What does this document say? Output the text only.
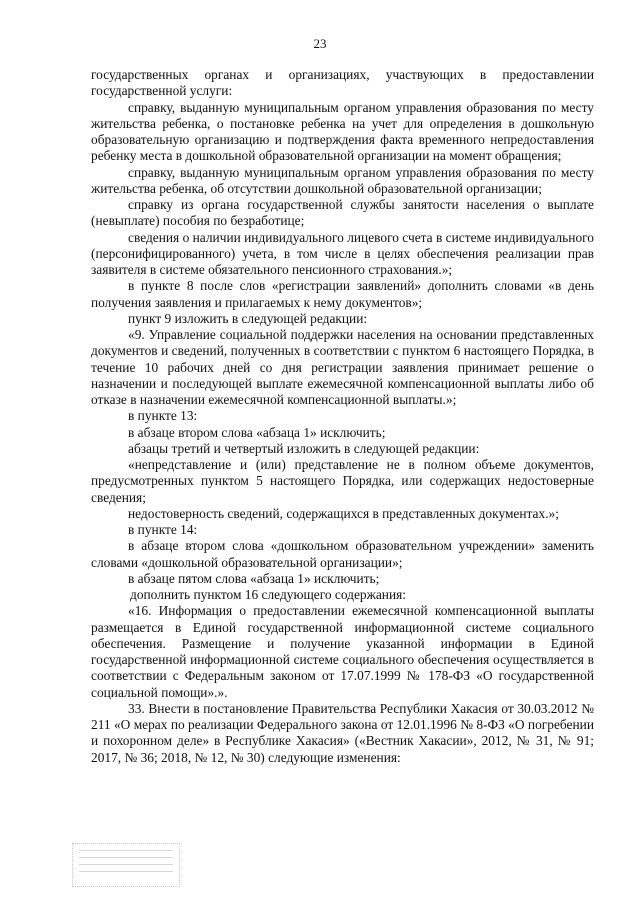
23

государственных органах и организациях, участвующих в предоставлении государственной услуги:

справку, выданную муниципальным органом управления образования по месту жительства ребенка, о постановке ребенка на учет для определения в дошкольную образовательную организацию и подтверждения факта временного непредоставления ребенку места в дошкольной образовательной организации на момент обращения;

справку, выданную муниципальным органом управления образования по месту жительства ребенка, об отсутствии дошкольной образовательной организации;

справку из органа государственной службы занятости населения о выплате (невыплате) пособия по безработице;

сведения о наличии индивидуального лицевого счета в системе индивидуального (персонифицированного) учета, в том числе в целях обеспечения реализации прав заявителя в системе обязательного пенсионного страхования.»;

в пункте 8 после слов «регистрации заявлений» дополнить словами «в день получения заявления и прилагаемых к нему документов»;

пункт 9 изложить в следующей редакции:

«9. Управление социальной поддержки населения на основании представленных документов и сведений, полученных в соответствии с пунктом 6 настоящего Порядка, в течение 10 рабочих дней со дня регистрации заявления принимает решение о назначении и последующей выплате ежемесячной компенсационной выплаты либо об отказе в назначении ежемесячной компенсационной выплаты.»;

в пункте 13:

в абзаце втором слова «абзаца 1» исключить;

абзацы третий и четвертый изложить в следующей редакции:

«непредставление и (или) представление не в полном объеме документов, предусмотренных пунктом 5 настоящего Порядка, или содержащих недостоверные сведения;

недостоверность сведений, содержащихся в представленных документах.»;

в пункте 14:

в абзаце втором слова «дошкольном образовательном учреждении» заменить словами «дошкольной образовательной организации»;

в абзаце пятом слова «абзаца 1» исключить;

дополнить пунктом 16 следующего содержания:

«16. Информация о предоставлении ежемесячной компенсационной выплаты размещается в Единой государственной информационной системе социального обеспечения. Размещение и получение указанной информации в Единой государственной информационной системе социального обеспечения осуществляется в соответствии с Федеральным законом от 17.07.1999 № 178-ФЗ «О государственной социальной помощи».».

33. Внести в постановление Правительства Республики Хакасия от 30.03.2012 № 211 «О мерах по реализации Федерального закона от 12.01.1996 № 8-ФЗ «О погребении и похоронном деле» в Республике Хакасия» («Вестник Хакасии», 2012, № 31, № 91; 2017, № 36; 2018, № 12, № 30) следующие изменения:
